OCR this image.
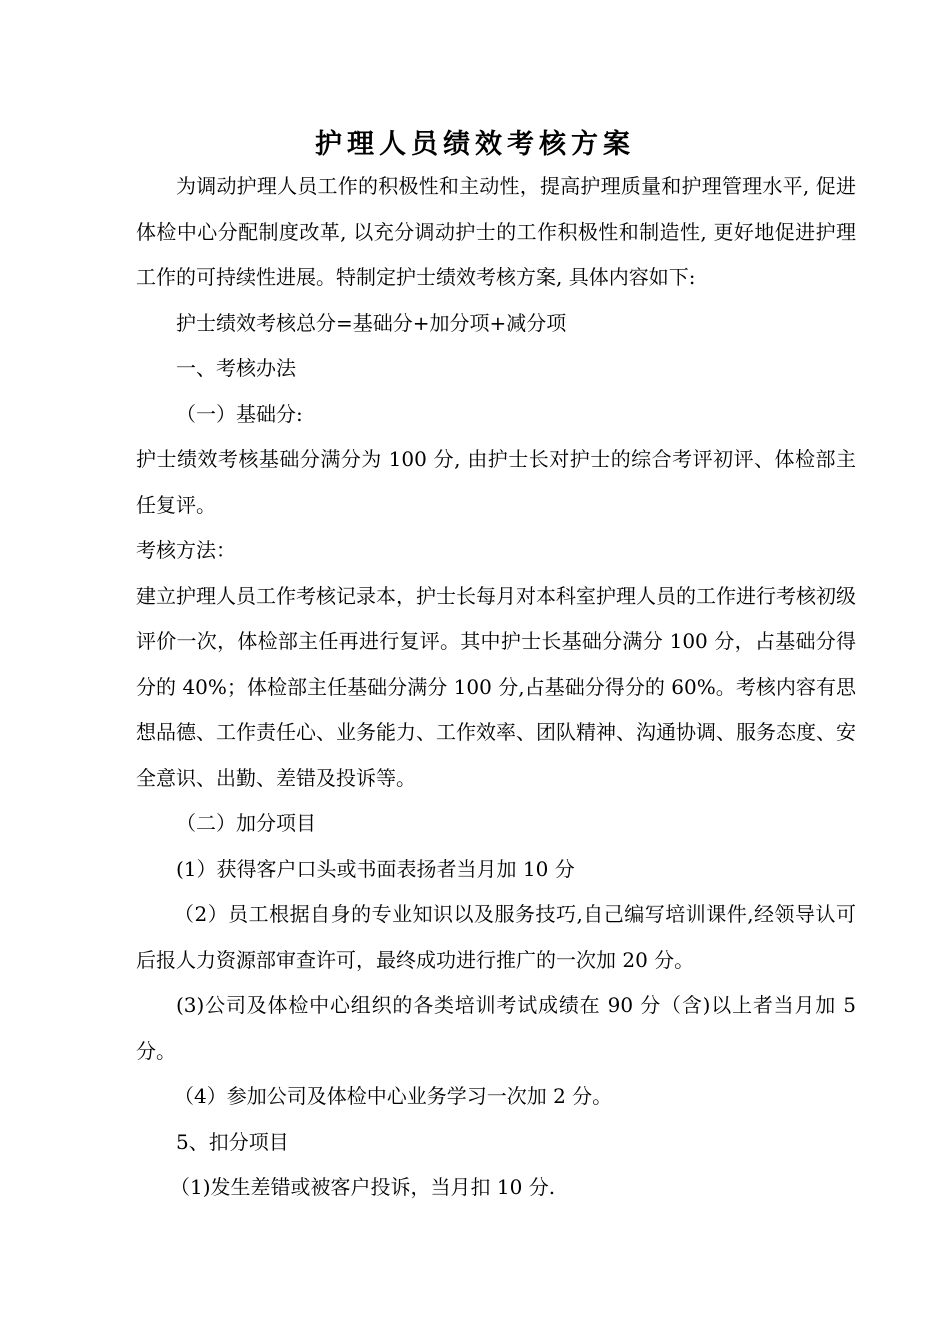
护理人员绩效考核方案

为调动护理人员工作的积极性和主动性，提高护理质量和护理管理水平, 促进体检中心分配制度改革, 以充分调动护士的工作积极性和制造性, 更好地促进护理工作的可持续性进展。特制定护士绩效考核方案, 具体内容如下:

护士绩效考核总分=基础分+加分项+减分项

一、考核办法

（一）基础分:

护士绩效考核基础分满分为 100 分, 由护士长对护士的综合考评初评、体检部主任复评。

考核方法：

建立护理人员工作考核记录本，护士长每月对本科室护理人员的工作进行考核初级评价一次，体检部主任再进行复评。其中护士长基础分满分 100 分，占基础分得分的 40%；体检部主任基础分满分 100 分,占基础分得分的 60%。考核内容有思想品德、工作责任心、业务能力、工作效率、团队精神、沟通协调、服务态度、安全意识、出勤、差错及投诉等。

（二）加分项目

(1）获得客户口头或书面表扬者当月加 10 分

（2）员工根据自身的专业知识以及服务技巧,自己编写培训课件,经领导认可后报人力资源部审查许可，最终成功进行推广的一次加 20 分。

(3)公司及体检中心组织的各类培训考试成绩在 90 分（含)以上者当月加 5 分。

（4）参加公司及体检中心业务学习一次加 2 分。

5、扣分项目

（1)发生差错或被客户投诉，当月扣 10 分.
